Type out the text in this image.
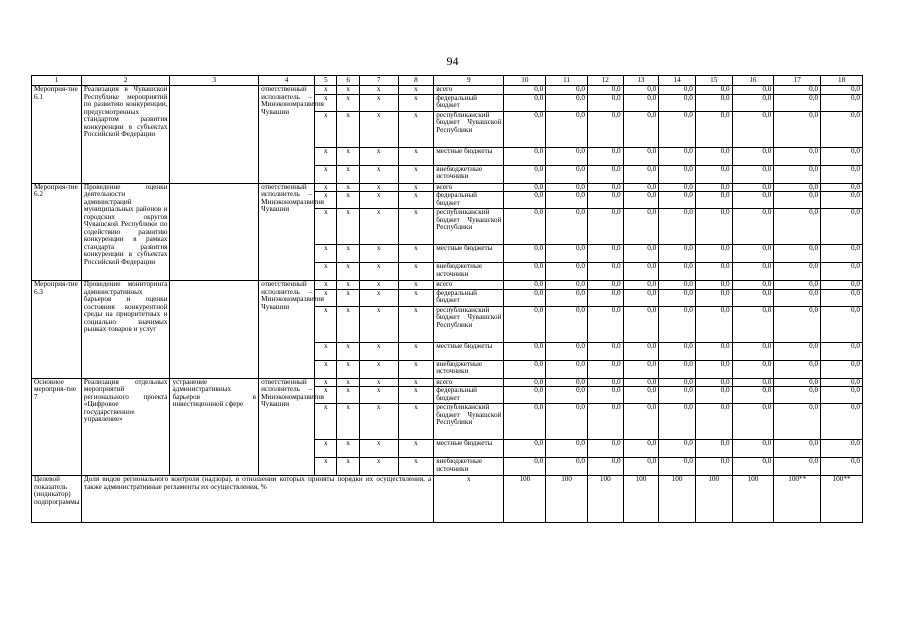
94
1	2	3	4	5	6	7	8	9	10	11	12	13	14	15	16	17	18
Мероприя-тие 6.1	Реализация в Чувашской Республике мероприятий по развитию конкуренции, предусмотренных стандартом развития конкуренции в субъектах Российской Федерации		ответственный исполнитель – Минэкономразвития Чувашии	x	x	x	x	всего	0,0	0,0	0,0	0,0	0,0	0,0	0,0	0,0	0,0
				x	x	x	x	федеральный бюджет	0,0	0,0	0,0	0,0	0,0	0,0	0,0	0,0	0,0
				x	x	x	x	республиканский бюджет Чувашской Республики	0,0	0,0	0,0	0,0	0,0	0,0	0,0	0,0	0,0
				x	x	x	x	местные бюджеты	0,0	0,0	0,0	0,0	0,0	0,0	0,0	0,0	0,0
				x	x	x	x	внебюджетные источники	0,0	0,0	0,0	0,0	0,0	0,0	0,0	0,0	0,0
Мероприя-тие 6.2	Проведение оценки деятельности администраций муниципальных районов и городских округов Чувашской Республики по содействию развитию конкуренции в рамках стандарта развития конкуренции в субъектах Российской Федерации		ответственный исполнитель – Минэкономразвития Чувашии	x	x	x	x	всего	0,0	0,0	0,0	0,0	0,0	0,0	0,0	0,0	0,0
				x	x	x	x	федеральный бюджет	0,0	0,0	0,0	0,0	0,0	0,0	0,0	0,0	0,0
				x	x	x	x	республиканский бюджет Чувашской Республики	0,0	0,0	0,0	0,0	0,0	0,0	0,0	0,0	0,0
				x	x	x	x	местные бюджеты	0,0	0,0	0,0	0,0	0,0	0,0	0,0	0,0	0,0
				x	x	x	x	внебюджетные источники	0,0	0,0	0,0	0,0	0,0	0,0	0,0	0,0	0,0
Мероприя-тие 6.3	Проведение мониторинга административных барьеров и оценки состояния конкурентной среды на приоритетных и социально значимых рынках товаров и услуг		ответственный исполнитель – Минэкономразвития Чувашии	x	x	x	x	всего	0,0	0,0	0,0	0,0	0,0	0,0	0,0	0,0	0,0
				x	x	x	x	федеральный бюджет	0,0	0,0	0,0	0,0	0,0	0,0	0,0	0,0	0,0
				x	x	x	x	республиканский бюджет Чувашской Республики	0,0	0,0	0,0	0,0	0,0	0,0	0,0	0,0	0,0
				x	x	x	x	местные бюджеты	0,0	0,0	0,0	0,0	0,0	0,0	0,0	0,0	0,0
				x	x	x	x	внебюджетные источники	0,0	0,0	0,0	0,0	0,0	0,0	0,0	0,0	0,0
Основное мероприя-тие 7	Реализация отдельных мероприятий регионального проекта «Цифровое государственное управление»	устранение административных барьеров в инвестиционной сфере	ответственный исполнитель – Минэкономразвития Чувашии	x	x	x	x	всего	0,0	0,0	0,0	0,0	0,0	0,0	0,0	0,0	0,0
				x	x	x	x	федеральный бюджет	0,0	0,0	0,0	0,0	0,0	0,0	0,0	0,0	0,0
				x	x	x	x	республиканский бюджет Чувашской Республики	0,0	0,0	0,0	0,0	0,0	0,0	0,0	0,0	0,0
				x	x	x	x	местные бюджеты	0,0	0,0	0,0	0,0	0,0	0,0	0,0	0,0	0,0
				x	x	x	x	внебюджетные источники	0,0	0,0	0,0	0,0	0,0	0,0	0,0	0,0	0,0
Целевой показатель (индикатор) подпрограммы	Доля видов регионального контроля (надзора), в отношении которых приняты порядки их осуществления, а также административные регламенты их осуществления, %							x	100	100	100	100	100	100	100	100**	100**
